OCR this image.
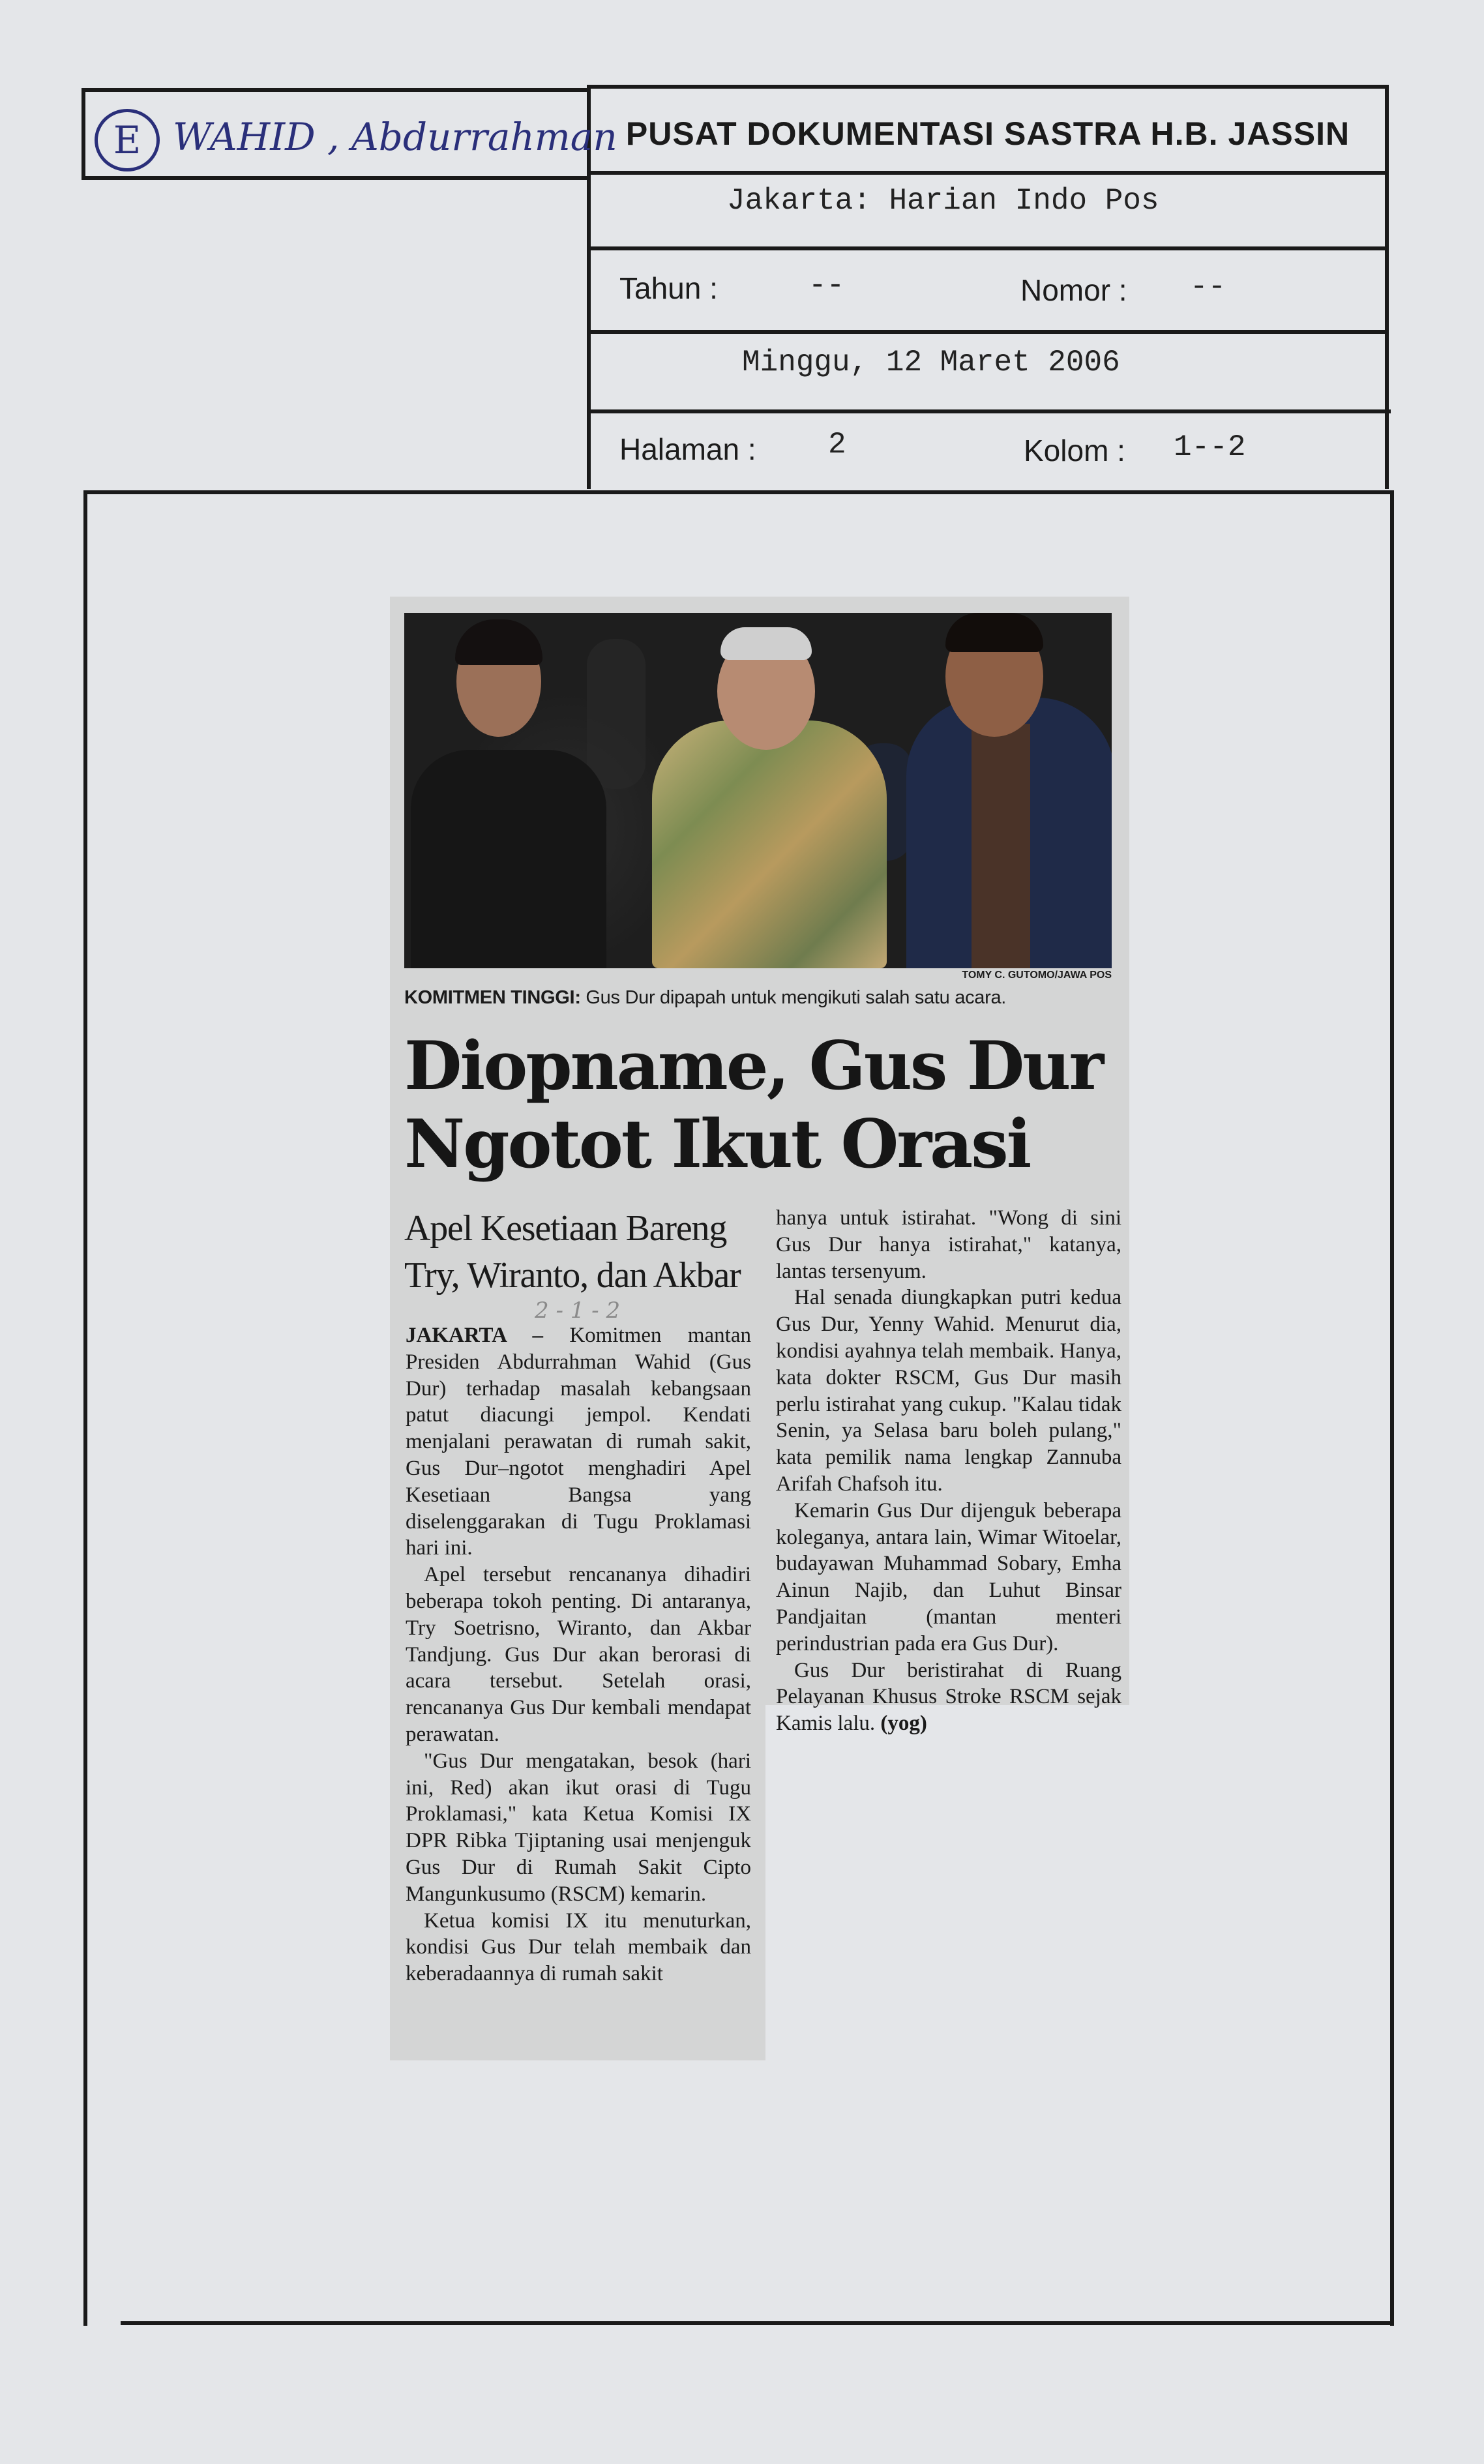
E WAHID , Abdurrahman PUSAT DOKUMENTASI SASTRA H.B. JASSIN
Jakarta: Harian Indo Pos
Tahun :	--	Nomor : --
Minggu, 12 Maret 2006
Halaman : 2	Kolom : 1--2
TOMY C. GUTOMO/JAWA POS
KOMITMEN TINGGI: Gus Dur dipapah untuk mengikuti salah satu acara.
Diopname, Gus Dur
Ngotot Ikut Orasi
Apel Kesetiaan Bareng Try, Wiranto, dan Akbar
2 - 1 - 2

JAKARTA – Komitmen mantan Presiden Abdurrahman Wahid (Gus Dur) terhadap masalah kebangsaan patut diacungi jempol. Kendati menjalani perawatan di rumah sakit, Gus Dur–ngotot menghadiri Apel Kesetiaan Bangsa yang diselenggarakan di Tugu Proklamasi hari ini.

Apel tersebut rencananya dihadiri beberapa tokoh penting. Di antaranya, Try Soetrisno, Wiranto, dan Akbar Tandjung. Gus Dur akan berorasi di acara tersebut. Setelah orasi, rencananya Gus Dur kembali mendapat perawatan.

"Gus Dur mengatakan, besok (hari ini, Red) akan ikut orasi di Tugu Proklamasi," kata Ketua Komisi IX DPR Ribka Tjiptaning usai menjenguk Gus Dur di Rumah Sakit Cipto Mangunkusumo (RSCM) kemarin.

Ketua komisi IX itu menuturkan, kondisi Gus Dur telah membaik dan keberadaannya di rumah sakit

hanya untuk istirahat. "Wong di sini Gus Dur hanya istirahat," katanya, lantas tersenyum.

Hal senada diungkapkan putri kedua Gus Dur, Yenny Wahid. Menurut dia, kondisi ayahnya telah membaik. Hanya, kata dokter RSCM, Gus Dur masih perlu istirahat yang cukup. "Kalau tidak Senin, ya Selasa baru boleh pulang," kata pemilik nama lengkap Zannuba Arifah Chafsoh itu.

Kemarin Gus Dur dijenguk beberapa koleganya, antara lain, Wimar Witoelar, budayawan Muhammad Sobary, Emha Ainun Najib, dan Luhut Binsar Pandjaitan (mantan menteri perindustrian pada era Gus Dur).

Gus Dur beristirahat di Ruang Pelayanan Khusus Stroke RSCM sejak Kamis lalu. (yog)
